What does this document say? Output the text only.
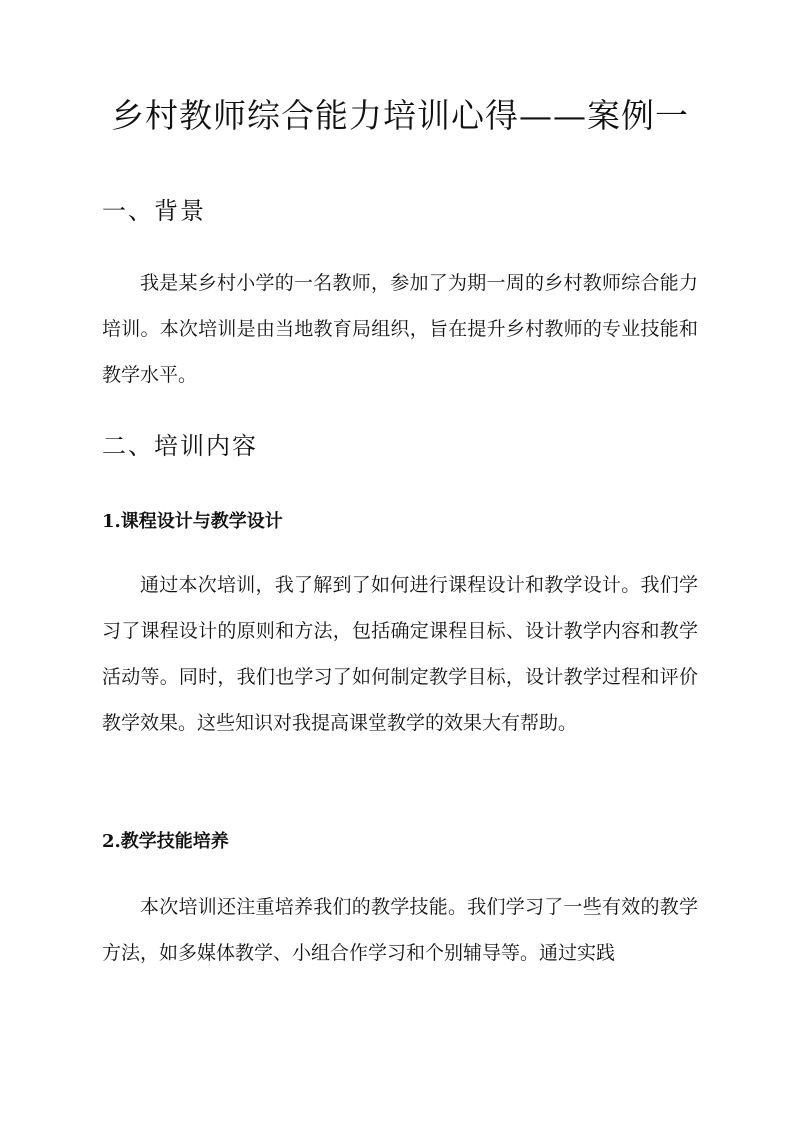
乡村教师综合能力培训心得——案例一
一、背景
我是某乡村小学的一名教师，参加了为期一周的乡村教师综合能力培训。本次培训是由当地教育局组织，旨在提升乡村教师的专业技能和教学水平。
二、培训内容
1.课程设计与教学设计
通过本次培训，我了解到了如何进行课程设计和教学设计。我们学习了课程设计的原则和方法，包括确定课程目标、设计教学内容和教学活动等。同时，我们也学习了如何制定教学目标，设计教学过程和评价教学效果。这些知识对我提高课堂教学的效果大有帮助。
2.教学技能培养
本次培训还注重培养我们的教学技能。我们学习了一些有效的教学方法，如多媒体教学、小组合作学习和个别辅导等。通过实践
